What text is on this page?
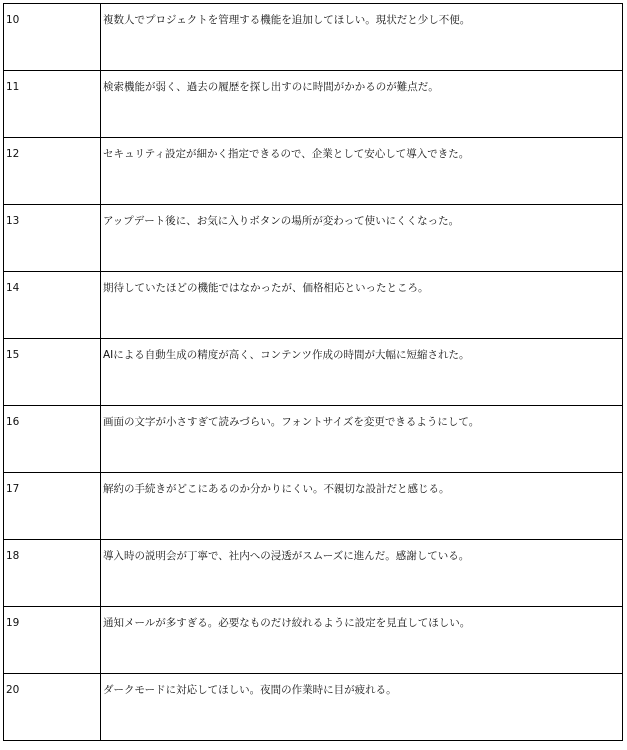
10	複数人でプロジェクトを管理する機能を追加してほしい。現状だと少し不便。
11	検索機能が弱く、過去の履歴を探し出すのに時間がかかるのが難点だ。
12	セキュリティ設定が細かく指定できるので、企業として安心して導入できた。
13	アップデート後に、お気に入りボタンの場所が変わって使いにくくなった。
14	期待していたほどの機能ではなかったが、価格相応といったところ。
15	AIによる自動生成の精度が高く、コンテンツ作成の時間が大幅に短縮された。
16	画面の文字が小さすぎて読みづらい。フォントサイズを変更できるようにして。
17	解約の手続きがどこにあるのか分かりにくい。不親切な設計だと感じる。
18	導入時の説明会が丁寧で、社内への浸透がスムーズに進んだ。感謝している。
19	通知メールが多すぎる。必要なものだけ絞れるように設定を見直してほしい。
20	ダークモードに対応してほしい。夜間の作業時に目が疲れる。
